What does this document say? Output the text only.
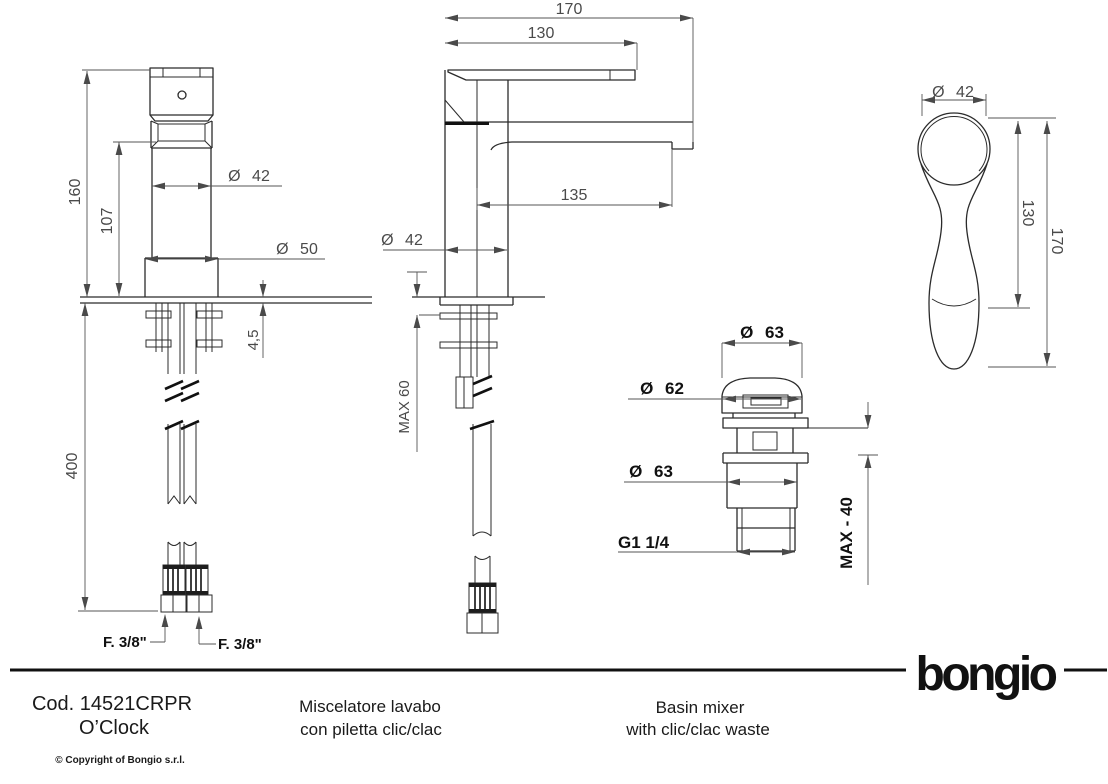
160
107
Ø 42
Ø 50
4,5
400
F. 3/8"	F. 3/8"
170
130
135
Ø 42
MAX 60
Ø 63
Ø 62
Ø 63
G1 1/4	MAX - 40
Ø 42
130
170
bongio
Cod. 14521CRPR
O’Clock
© Copyright of Bongio s.r.l.
Miscelatore lavabo
con piletta clic/clac
Basin mixer
with clic/clac waste
